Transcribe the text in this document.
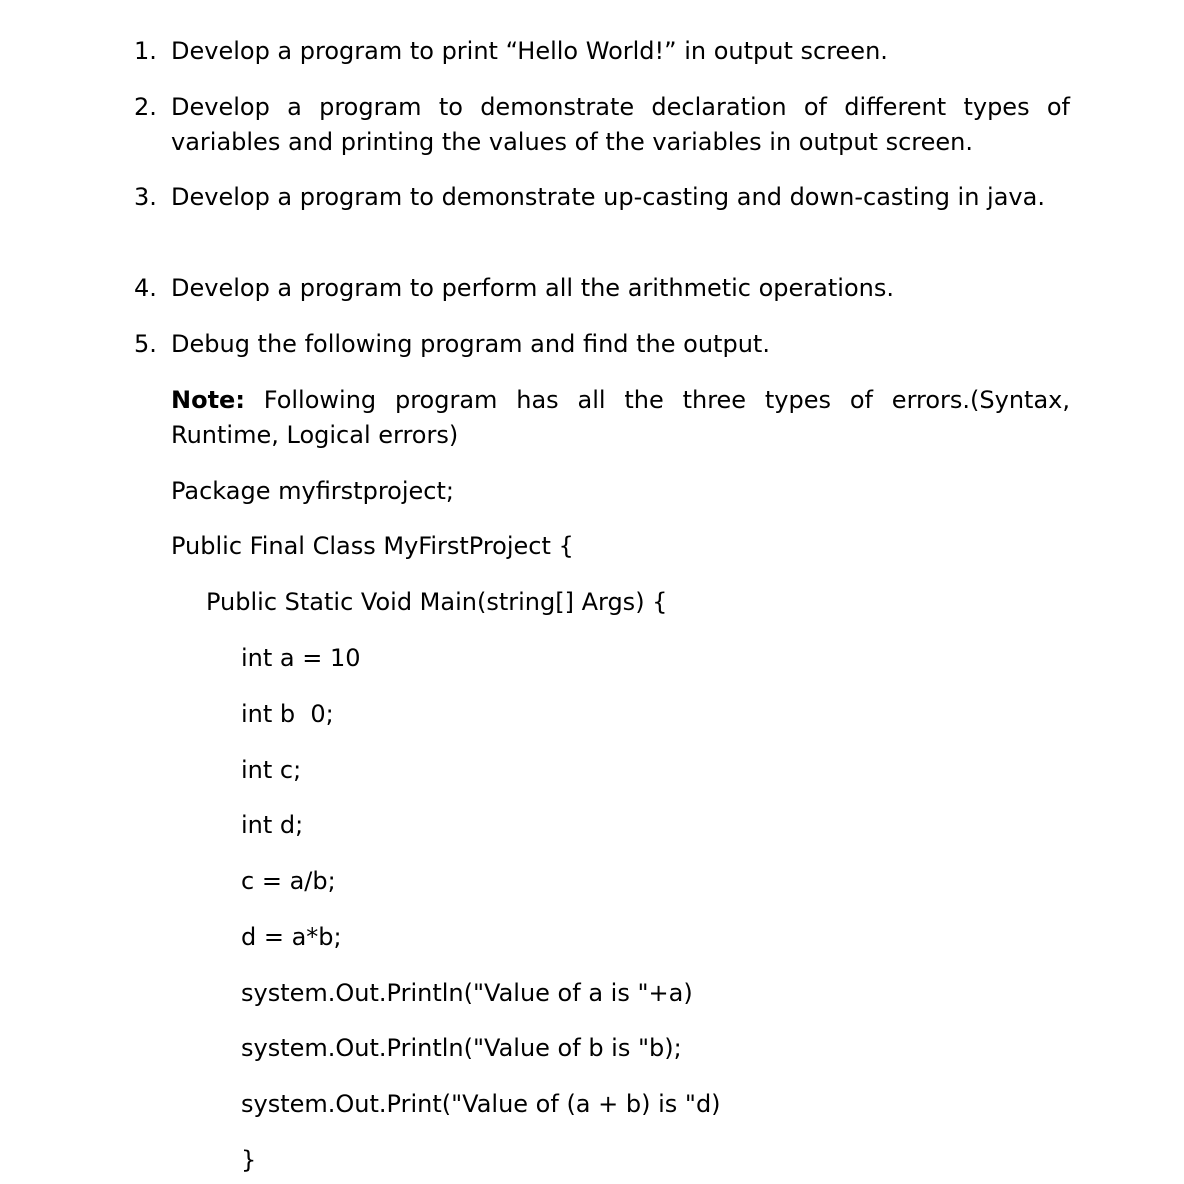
1. Develop a program to print “Hello World!” in output screen.
2. Develop a program to demonstrate declaration of different types of variables and printing the values of the variables in output screen.
3. Develop a program to demonstrate up-casting and down-casting in java.
4. Develop a program to perform all the arithmetic operations.
5. Debug the following program and find the output.
Note: Following program has all the three types of errors.(Syntax, Runtime, Logical errors)
Package myfirstproject;
Public Final Class MyFirstProject {
Public Static Void Main(string[] Args) {
int a = 10
int b  0;
int c;
int d;
c = a/b;
d = a*b;
system.Out.Println("Value of a is "+a)
system.Out.Println("Value of b is "b);
system.Out.Print("Value of (a + b) is "d)
}
